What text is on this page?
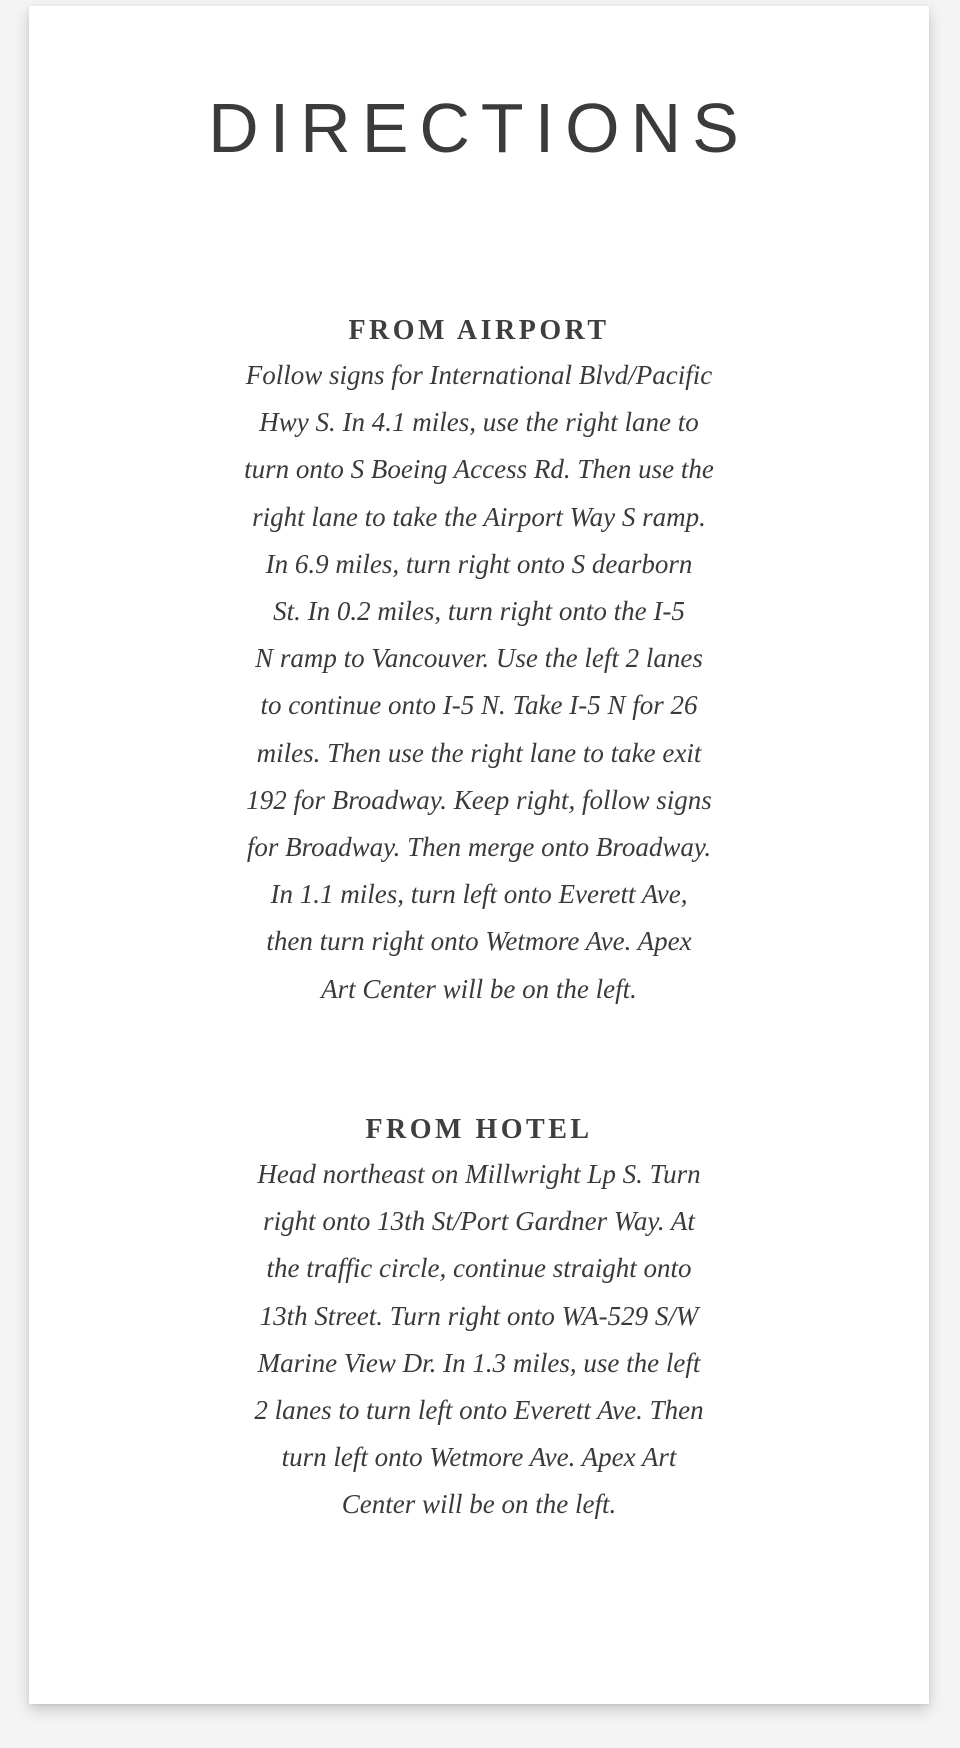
DIRECTIONS
FROM AIRPORT

Follow signs for International Blvd/Pacific
Hwy S. In 4.1 miles, use the right lane to
turn onto S Boeing Access Rd. Then use the
right lane to take the Airport Way S ramp.
In 6.9 miles, turn right onto S dearborn
St. In 0.2 miles, turn right onto the I-5
N ramp to Vancouver. Use the left 2 lanes
to continue onto I-5 N. Take I-5 N for 26
miles. Then use the right lane to take exit
192 for Broadway. Keep right, follow signs
for Broadway. Then merge onto Broadway.
In 1.1 miles, turn left onto Everett Ave,
then turn right onto Wetmore Ave. Apex
Art Center will be on the left.

FROM HOTEL

Head northeast on Millwright Lp S. Turn
right onto 13th St/Port Gardner Way. At
the traffic circle, continue straight onto
13th Street. Turn right onto WA-529 S/W
Marine View Dr. In 1.3 miles, use the left
2 lanes to turn left onto Everett Ave. Then
turn left onto Wetmore Ave. Apex Art
Center will be on the left.
